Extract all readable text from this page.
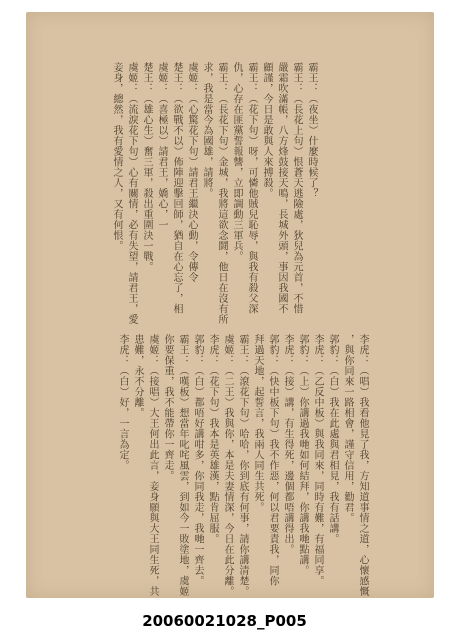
霸王：（夜坐）什麼時候了？
霸王：（長花上句）恨蒼天逃險處，狄兒為元首，不惜
嚴霜吹滿帳，八方烽鼓接天鳴，長城外頭，事因我國不
顧謹，今日是敢與人來搏殺。
霸王：（花下句）呀，可憐他賊兒恥辱，與我有殺父深
仇，心存在匪黨誓報讐，立即調動三軍兵。
霸王：（長花下句）金城，我將這欲念鬪，他日在沒有所
求，我是當今為國雄，請將。
虞姬：（心驚花下句）請君王繼決心動，令傳令
楚王：（欲戰不以）佈陣迎擊回師，猶自在心忘了，相
虞姬：（喜極以）請君王，嬌心，一
楚王：（雄心生）奮三軍，殺出重圍決一戰。
虞姬：（流淚花下句）心有關情，必有失望，請君王，愛
妾身，總然，我有愛情之人，又有何恨。
李虎：（唱）我看他見了我，方知道事情之道，心懷感慨
，與你同來一路相會，謹守信用，勸君。
郭豹：（白）我在此處與君相見，我有話講。
李虎：（乙反中板）與我同來，同時有難，有福同享。
郭豹：（上）你講過我哋如何結拜，你講我哋點講。
李虎：（接）講，有生得死，邊個都唔講得出。
郭豹：（快中板下句）我不作惡，何以君要責我，同你
拜過天地，起誓言，我兩人同生共死。
霸王：（滾花下句）哈哈，你到底有何事，請你講清楚。
虞姬：（二王）我與你，本是夫妻情深，今日在此分離。
李虎：（花下句）我本是英雄漢，點肯屈服。
郭豹：（白）都唔好講咁多，你同我走，我哋一齊去。
霸王：（嘆板）想當年叱咤風雲，到如今一敗塗地，虞姬
你要保重，我不能帶你一齊走。
虞姬：（接唱）大王何出此言，妾身願與大王同生死，共
患難，永不分離。
李虎：（白）好，一言為定。
20060021028_P005
